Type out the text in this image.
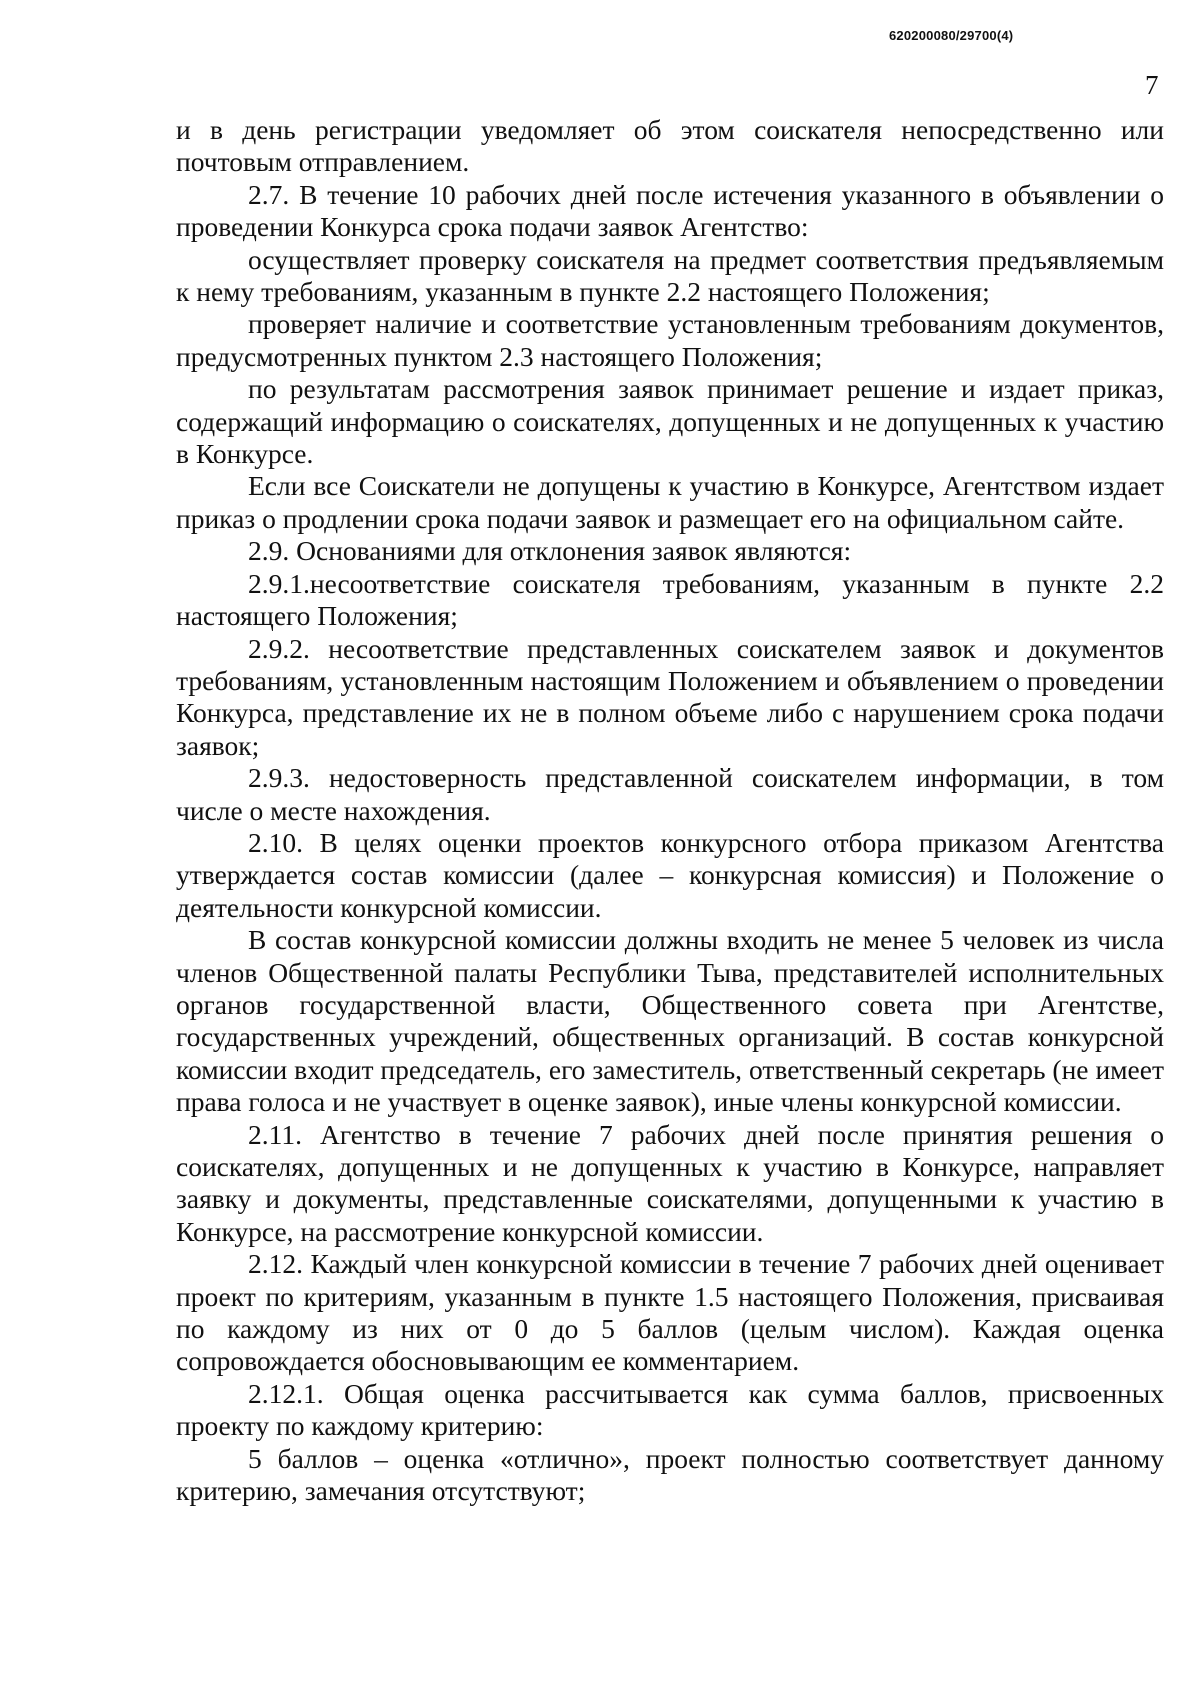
620200080/29700(4)
7

и в день регистрации уведомляет об этом соискателя непосредственно или почтовым отправлением.

2.7. В течение 10 рабочих дней после истечения указанного в объявлении о проведении Конкурса срока подачи заявок Агентство:

осуществляет проверку соискателя на предмет соответствия предъявляемым к нему требованиям, указанным в пункте 2.2 настоящего Положения;

проверяет наличие и соответствие установленным требованиям документов, предусмотренных пунктом 2.3 настоящего Положения;

по результатам рассмотрения заявок принимает решение и издает приказ, содержащий информацию о соискателях, допущенных и не допущенных к участию в Конкурсе.

Если все Соискатели не допущены к участию в Конкурсе, Агентством издает приказ о продлении срока подачи заявок и размещает его на официальном сайте.

2.9. Основаниями для отклонения заявок являются:

2.9.1.несоответствие соискателя требованиям, указанным в пункте 2.2 настоящего Положения;

2.9.2. несоответствие представленных соискателем заявок и документов требованиям, установленным настоящим Положением и объявлением о проведении Конкурса, представление их не в полном объеме либо с нарушением срока подачи заявок;

2.9.3. недостоверность представленной соискателем информации, в том числе о месте нахождения.

2.10. В целях оценки проектов конкурсного отбора приказом Агентства утверждается состав комиссии (далее – конкурсная комиссия) и Положение о деятельности конкурсной комиссии.

В состав конкурсной комиссии должны входить не менее 5 человек из числа членов Общественной палаты Республики Тыва, представителей исполнительных органов государственной власти, Общественного совета при Агентстве, государственных учреждений, общественных организаций. В состав конкурсной комиссии входит председатель, его заместитель, ответственный секретарь (не имеет права голоса и не участвует в оценке заявок), иные члены конкурсной комиссии.

2.11. Агентство в течение 7 рабочих дней после принятия решения о соискателях, допущенных и не допущенных к участию в Конкурсе, направляет заявку и документы, представленные соискателями, допущенными к участию в Конкурсе, на рассмотрение конкурсной комиссии.

2.12. Каждый член конкурсной комиссии в течение 7 рабочих дней оценивает проект по критериям, указанным в пункте 1.5 настоящего Положения, присваивая по каждому из них от 0 до 5 баллов (целым числом). Каждая оценка сопровождается обосновывающим ее комментарием.

2.12.1. Общая оценка рассчитывается как сумма баллов, присвоенных проекту по каждому критерию:

5 баллов – оценка «отлично», проект полностью соответствует данному критерию, замечания отсутствуют;
